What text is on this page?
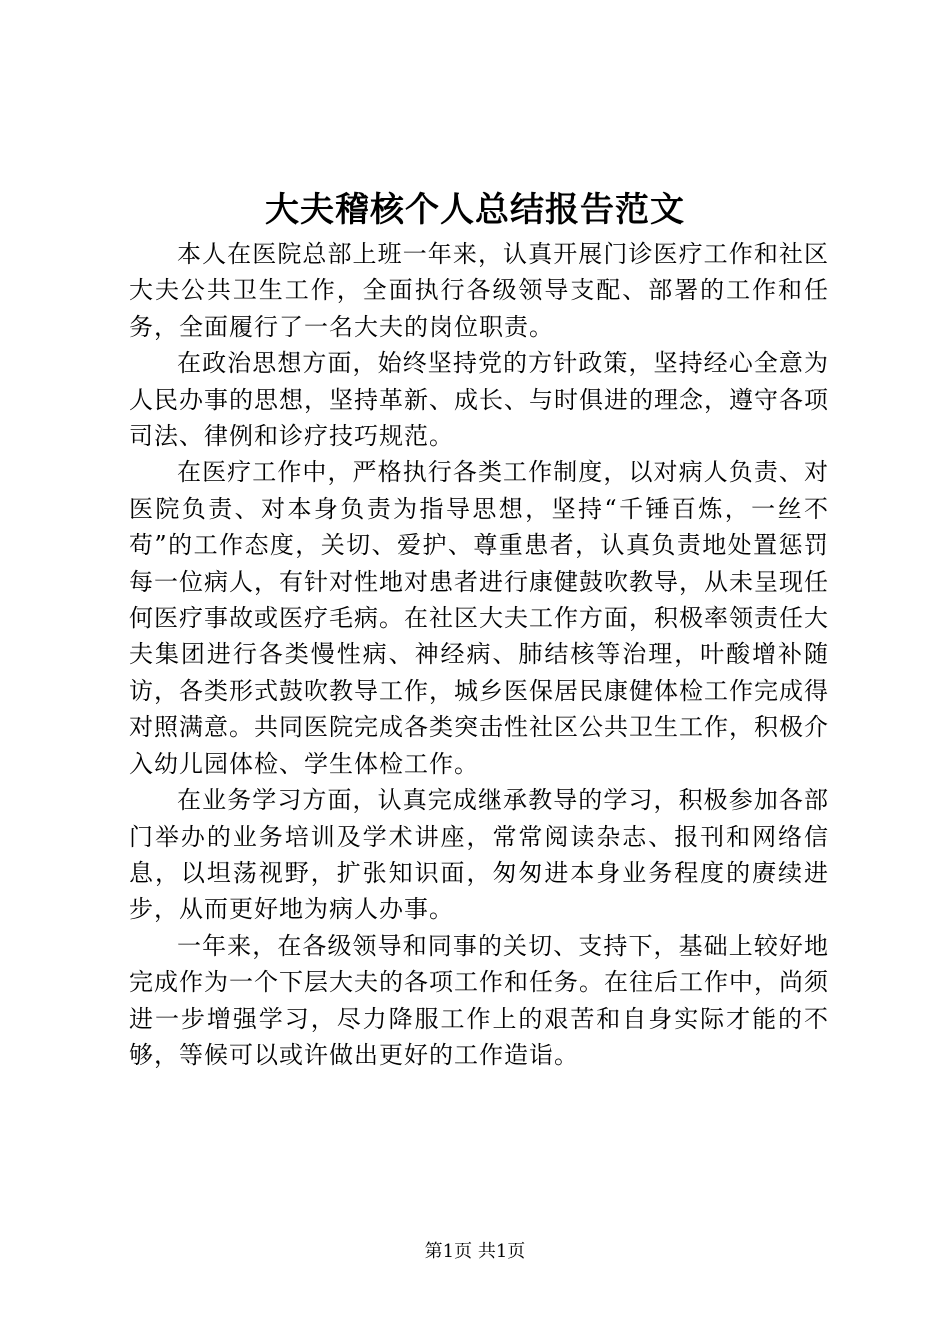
大夫稽核个人总结报告范文

本人在医院总部上班一年来，认真开展门诊医疗工作和社区大夫公共卫生工作，全面执行各级领导支配、部署的工作和任务，全面履行了一名大夫的岗位职责。

在政治思想方面，始终坚持党的方针政策，坚持经心全意为人民办事的思想，坚持革新、成长、与时俱进的理念，遵守各项司法、律例和诊疗技巧规范。

在医疗工作中，严格执行各类工作制度，以对病人负责、对医院负责、对本身负责为指导思想，坚持“千锤百炼，一丝不苟”的工作态度，关切、爱护、尊重患者，认真负责地处置惩罚每一位病人，有针对性地对患者进行康健鼓吹教导，从未呈现任何医疗事故或医疗毛病。在社区大夫工作方面，积极率领责任大夫集团进行各类慢性病、神经病、肺结核等治理，叶酸增补随访，各类形式鼓吹教导工作，城乡医保居民康健体检工作完成得对照满意。共同医院完成各类突击性社区公共卫生工作，积极介入幼儿园体检、学生体检工作。

在业务学习方面，认真完成继承教导的学习，积极参加各部门举办的业务培训及学术讲座，常常阅读杂志、报刊和网络信息，以坦荡视野，扩张知识面，匆匆进本身业务程度的赓续进步，从而更好地为病人办事。

一年来，在各级领导和同事的关切、支持下，基础上较好地完成作为一个下层大夫的各项工作和任务。在往后工作中，尚须进一步增强学习，尽力降服工作上的艰苦和自身实际才能的不够，等候可以或许做出更好的工作造诣。

第1页 共1页
